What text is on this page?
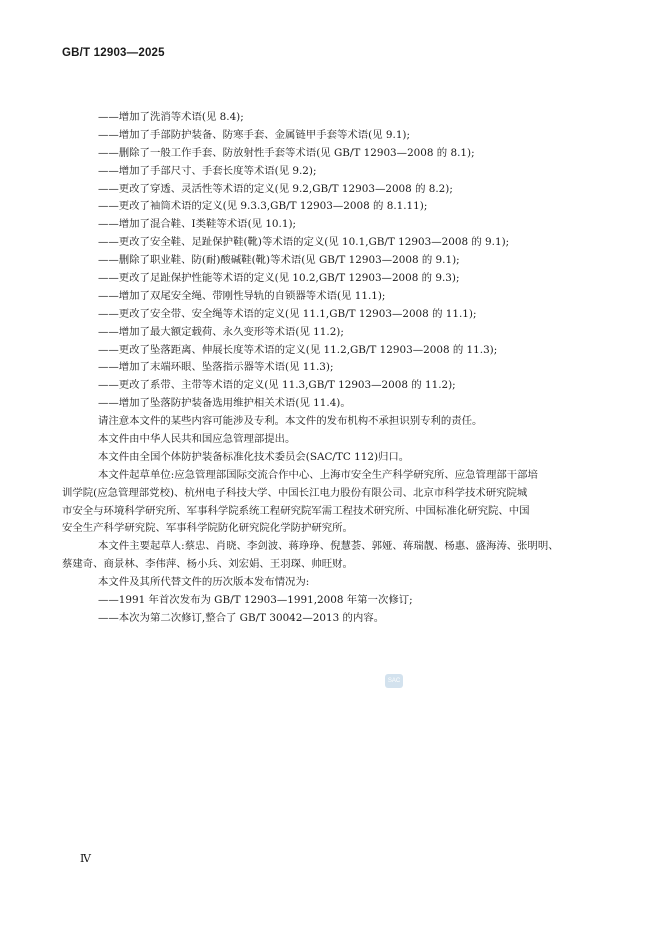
GB/T 12903—2025
——增加了洗消等术语(见 8.4);
——增加了手部防护装备、防寒手套、金属链甲手套等术语(见 9.1);
——删除了一般工作手套、防放射性手套等术语(见 GB/T 12903—2008 的 8.1);
——增加了手部尺寸、手套长度等术语(见 9.2);
——更改了穿透、灵活性等术语的定义(见 9.2,GB/T 12903—2008 的 8.2);
——更改了袖筒术语的定义(见 9.3.3,GB/T 12903—2008 的 8.1.11);
——增加了混合鞋、Ⅰ类鞋等术语(见 10.1);
——更改了安全鞋、足趾保护鞋(靴)等术语的定义(见 10.1,GB/T 12903—2008 的 9.1);
——删除了职业鞋、防(耐)酸碱鞋(靴)等术语(见 GB/T 12903—2008 的 9.1);
——更改了足趾保护性能等术语的定义(见 10.2,GB/T 12903—2008 的 9.3);
——增加了双尾安全绳、带刚性导轨的自锁器等术语(见 11.1);
——更改了安全带、安全绳等术语的定义(见 11.1,GB/T 12903—2008 的 11.1);
——增加了最大额定载荷、永久变形等术语(见 11.2);
——更改了坠落距离、伸展长度等术语的定义(见 11.2,GB/T 12903—2008 的 11.3);
——增加了末端环眼、坠落指示器等术语(见 11.3);
——更改了系带、主带等术语的定义(见 11.3,GB/T 12903—2008 的 11.2);
——增加了坠落防护装备选用维护相关术语(见 11.4)。
请注意本文件的某些内容可能涉及专利。本文件的发布机构不承担识别专利的责任。
本文件由中华人民共和国应急管理部提出。
本文件由全国个体防护装备标准化技术委员会(SAC/TC 112)归口。
本文件起草单位:应急管理部国际交流合作中心、上海市安全生产科学研究所、应急管理部干部培
训学院(应急管理部党校)、杭州电子科技大学、中国长江电力股份有限公司、北京市科学技术研究院城
市安全与环境科学研究所、军事科学院系统工程研究院军需工程技术研究所、中国标准化研究院、中国
安全生产科学研究院、军事科学院防化研究院化学防护研究所。
本文件主要起草人:蔡忠、肖晓、李剑波、蒋琤琤、倪慧荟、郭娅、蒋瑞靓、杨惠、盛海涛、张明明、
蔡建奇、商景林、李伟萍、杨小兵、刘宏娟、王羽琛、帅旺财。
本文件及其所代替文件的历次版本发布情况为:
——1991 年首次发布为 GB/T 12903—1991,2008 年第一次修订;
——本次为第二次修订,整合了 GB/T 30042—2013 的内容。
SAC
Ⅳ
